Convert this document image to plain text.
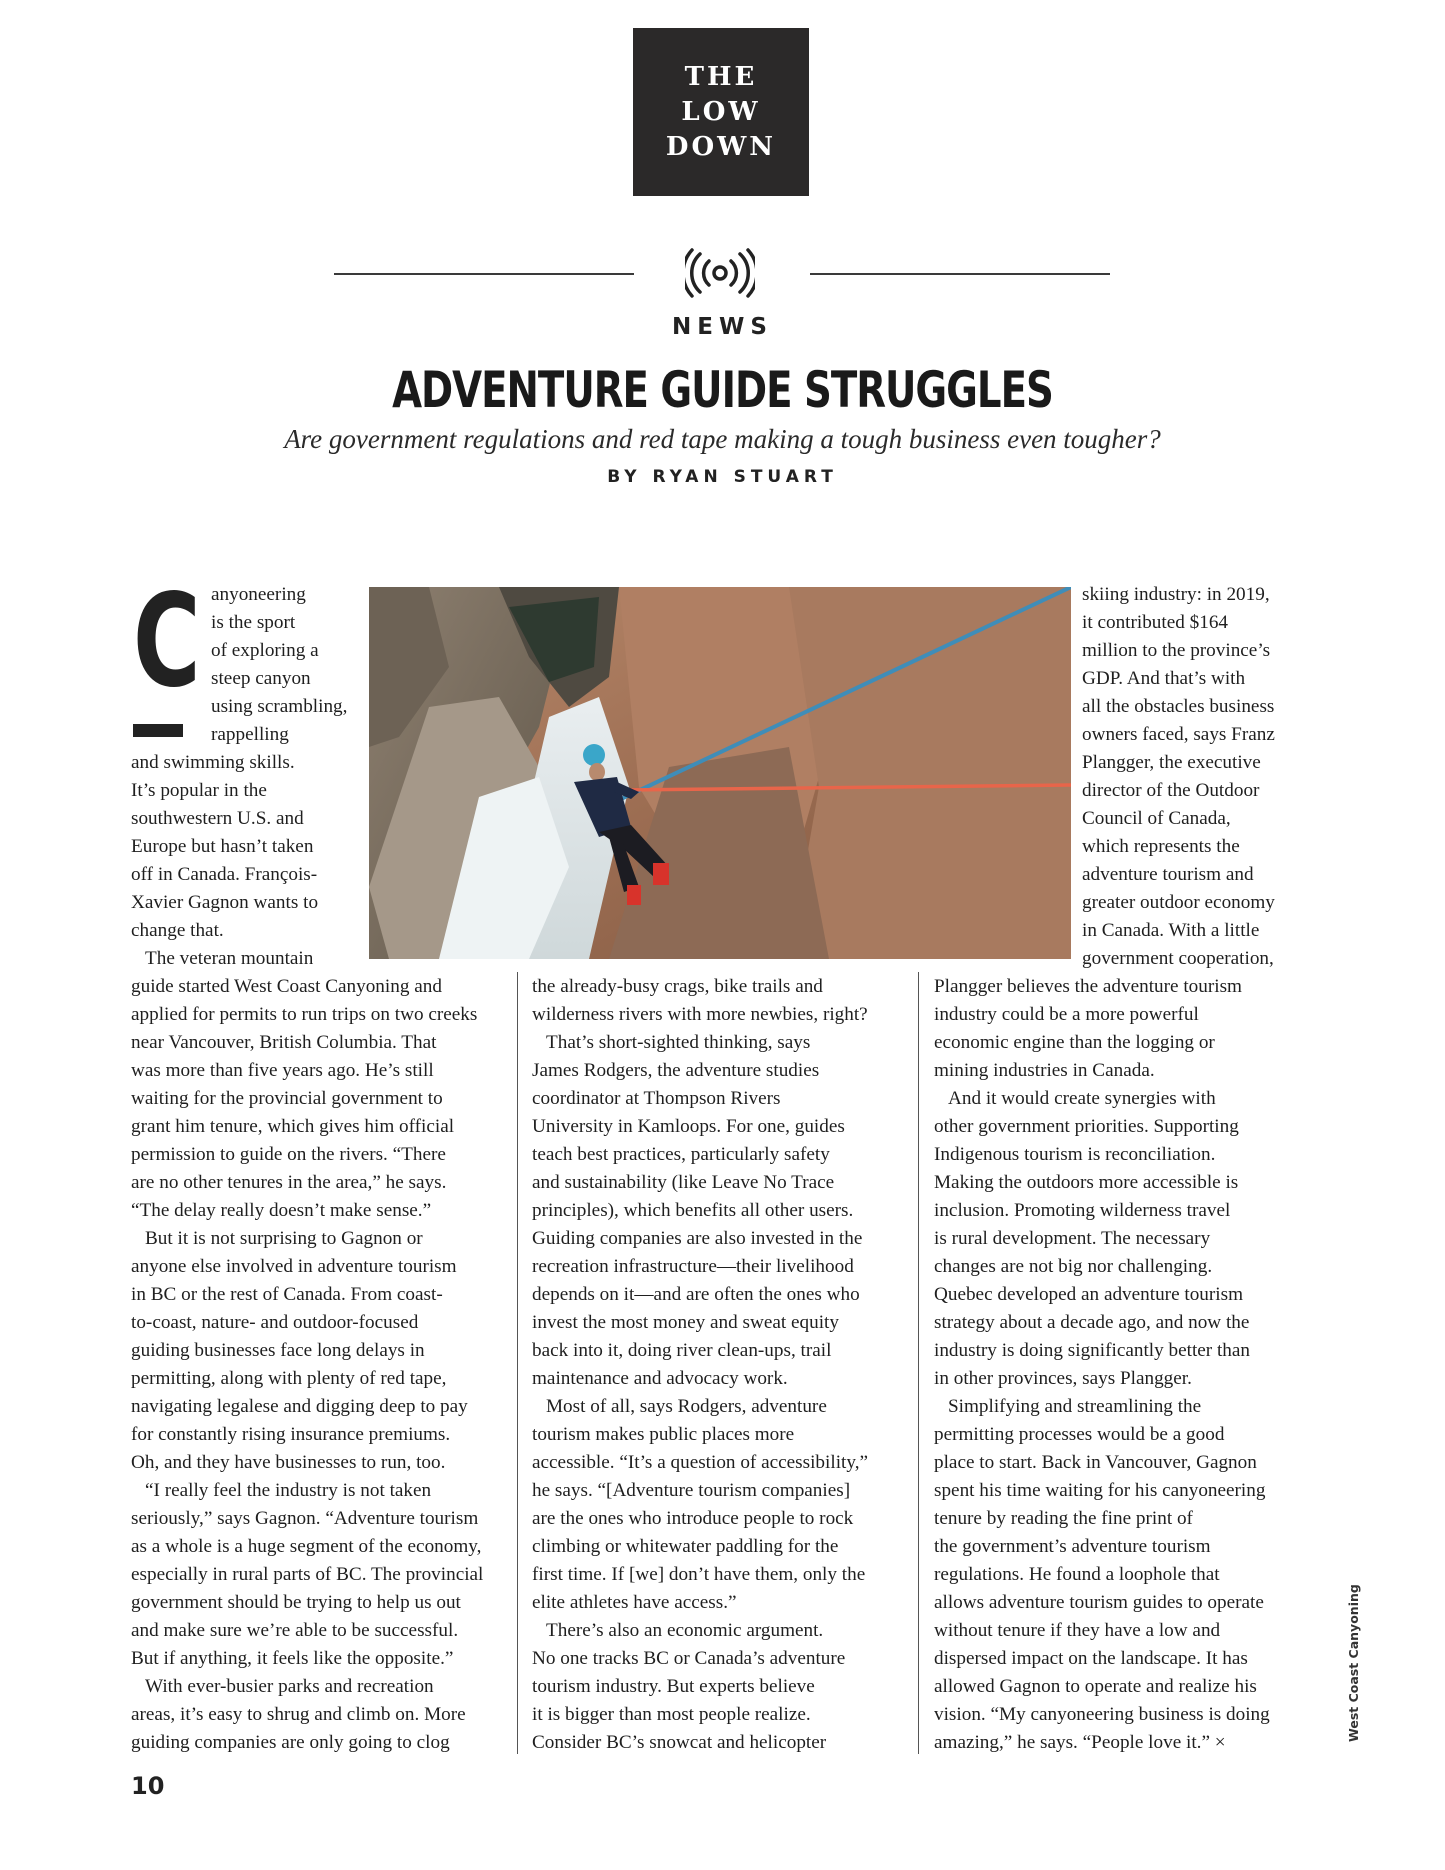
THE
LOW
DOWN
NEWS
ADVENTURE GUIDE STRUGGLES
Are government regulations and red tape making a tough business even tougher?
BY RYAN STUART
C anyoneering
is the sport
of exploring a
steep canyon
using scrambling,
rappelling
and swimming skills.
It’s popular in the
southwestern U.S. and
Europe but hasn’t taken
off in Canada. François-
Xavier Gagnon wants to
change that.
The veteran mountain
guide started West Coast Canyoning and
applied for permits to run trips on two creeks
near Vancouver, British Columbia. That
was more than five years ago. He’s still
waiting for the provincial government to
grant him tenure, which gives him official
permission to guide on the rivers. “There
are no other tenures in the area,” he says.
“The delay really doesn’t make sense.”
But it is not surprising to Gagnon or
anyone else involved in adventure tourism
in BC or the rest of Canada. From coast-
to-coast, nature- and outdoor-focused
guiding businesses face long delays in
permitting, along with plenty of red tape,
navigating legalese and digging deep to pay
for constantly rising insurance premiums.
Oh, and they have businesses to run, too.
“I really feel the industry is not taken
seriously,” says Gagnon. “Adventure tourism
as a whole is a huge segment of the economy,
especially in rural parts of BC. The provincial
government should be trying to help us out
and make sure we’re able to be successful.
But if anything, it feels like the opposite.”
With ever-busier parks and recreation
areas, it’s easy to shrug and climb on. More
guiding companies are only going to clog
the already-busy crags, bike trails and
wilderness rivers with more newbies, right?
That’s short-sighted thinking, says
James Rodgers, the adventure studies
coordinator at Thompson Rivers
University in Kamloops. For one, guides
teach best practices, particularly safety
and sustainability (like Leave No Trace
principles), which benefits all other users.
Guiding companies are also invested in the
recreation infrastructure—their livelihood
depends on it—and are often the ones who
invest the most money and sweat equity
back into it, doing river clean-ups, trail
maintenance and advocacy work.
Most of all, says Rodgers, adventure
tourism makes public places more
accessible. “It’s a question of accessibility,”
he says. “[Adventure tourism companies]
are the ones who introduce people to rock
climbing or whitewater paddling for the
first time. If [we] don’t have them, only the
elite athletes have access.”
There’s also an economic argument.
No one tracks BC or Canada’s adventure
tourism industry. But experts believe
it is bigger than most people realize.
Consider BC’s snowcat and helicopter
skiing industry: in 2019,
it contributed $164
million to the province’s
GDP. And that’s with
all the obstacles business
owners faced, says Franz
Plangger, the executive
director of the Outdoor
Council of Canada,
which represents the
adventure tourism and
greater outdoor economy
in Canada. With a little
government cooperation,
Plangger believes the adventure tourism
industry could be a more powerful
economic engine than the logging or
mining industries in Canada.
And it would create synergies with
other government priorities. Supporting
Indigenous tourism is reconciliation.
Making the outdoors more accessible is
inclusion. Promoting wilderness travel
is rural development. The necessary
changes are not big nor challenging.
Quebec developed an adventure tourism
strategy about a decade ago, and now the
industry is doing significantly better than
in other provinces, says Plangger.
Simplifying and streamlining the
permitting processes would be a good
place to start. Back in Vancouver, Gagnon
spent his time waiting for his canyoneering
tenure by reading the fine print of
the government’s adventure tourism
regulations. He found a loophole that
allows adventure tourism guides to operate
without tenure if they have a low and
dispersed impact on the landscape. It has
allowed Gagnon to operate and realize his
vision. “My canyoneering business is doing
amazing,” he says. “People love it.” ×
10
West Coast Canyoning
